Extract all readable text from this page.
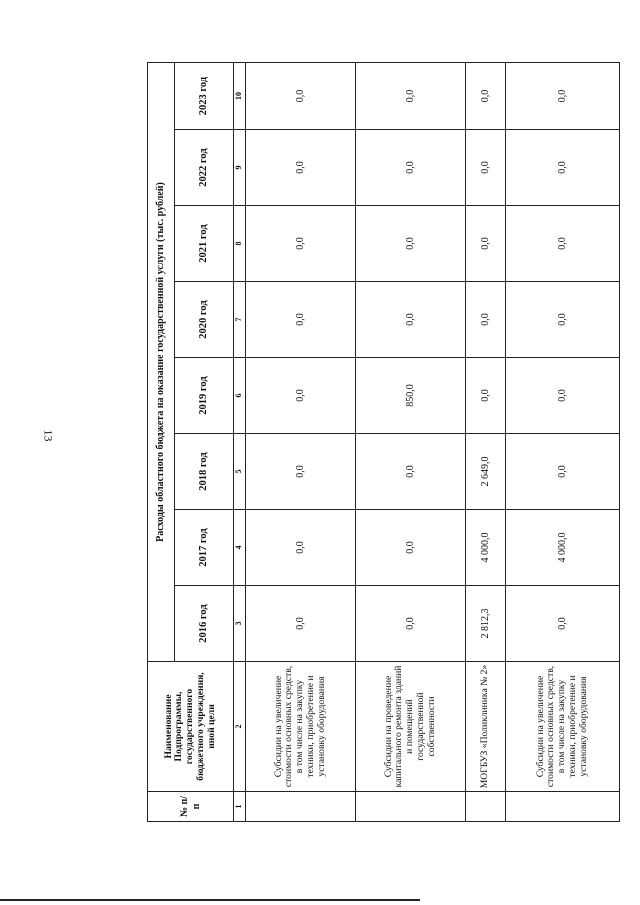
13
№ п/п	Наименование Подпрограммы, государственного бюджетного учреждения, иной цели	Расходы областного бюджета на оказание государственной услуги (тыс. рублей)							
		2016 год	2017 год	2018 год	2019 год	2020 год	2021 год	2022 год	2023 год
1	2	3	4	5	6	7	8	9	10
	Субсидии на увеличение стоимости основных средств, в том числе на закупку техники, приобретение и установку оборудования	0,0	0,0	0,0	0,0	0,0	0,0	0,0	0,0
	Субсидии на проведение капитального ремонта зданий и помещений государственной собственности	0,0	0,0	0,0	850,0	0,0	0,0	0,0	0,0
	МОГБУЗ «Поликлиника № 2»	2 812,3	4 000,0	2 649,0	0,0	0,0	0,0	0,0	0,0
	Субсидии на увеличение стоимости основных средств, в том числе на закупку техники, приобретение и установку оборудования	0,0	4 000,0	0,0	0,0	0,0	0,0	0,0	0,0
